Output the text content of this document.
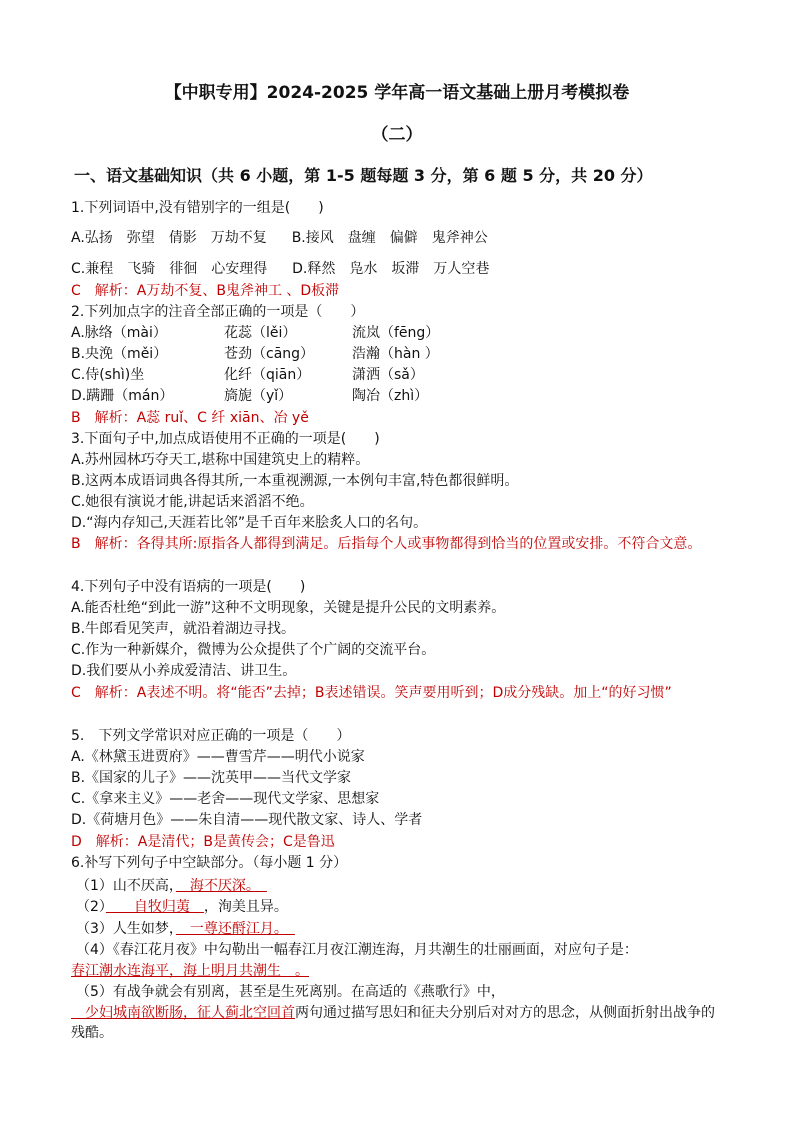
【中职专用】2024-2025 学年高一语文基础上册月考模拟卷
（二）
一、语文基础知识（共 6 小题，第 1-5 题每题 3 分，第 6 题 5 分，共 20 分）
1.下列词语中,没有错别字的一组是(　　)
A.弘扬　弥望　倩影　万劫不复 B.接风　盘缠　偏僻　鬼斧神公
C.兼程　飞骑　徘徊　心安理得 D.释然　凫水　坂滞　万人空巷
C　解析：A万劫不复、B鬼斧神工 、D板滞
2.下列加点字的注音全部正确的一项是（　　）
A.脉络（mài）	花蕊（lěi）	流岚（fēng）
B.央浼（měi）	苍劲（cāng）	浩瀚（hàn ）
C.侍(shì)坐	化纤（qiān）	潇洒（sǎ）
D.蹒跚（mán）	旖旎（yǐ）	陶冶（zhì）
B　解析：A蕊 ruǐ、C 纤 xiān、冶 yě
3.下面句子中,加点成语使用不正确的一项是(　　)
A.苏州园林巧夺天工,堪称中国建筑史上的精粹。
B.这两本成语词典各得其所,一本重视溯源,一本例句丰富,特色都很鲜明。
C.她很有演说才能,讲起话来滔滔不绝。
D.“海内存知己,天涯若比邻”是千百年来脍炙人口的名句。
B　解析：各得其所:原指各人都得到满足。后指每个人或事物都得到恰当的位置或安排。不符合文意。
4.下列句子中没有语病的一项是(　　)
A.能否杜绝“到此一游”这种不文明现象，关键是提升公民的文明素养。
B.牛郎看见笑声，就沿着湖边寻找。
C.作为一种新媒介，微博为公众提供了个广阔的交流平台。
D.我们要从小养成爱清洁、讲卫生。
C　解析：A表述不明。将“能否”去掉；B表述错误。笑声要用听到；D成分残缺。加上“的好习惯”
5.　下列文学常识对应正确的一项是（　　）
A.《林黛玉进贾府》——曹雪芹——明代小说家
B.《国家的儿子》——沈英甲——当代文学家
C.《拿来主义》——老舍——现代文学家、思想家
D.《荷塘月色》——朱自清——现代散文家、诗人、学者
D　解析：A是清代；B是黄传会；C是鲁迅
6.补写下列句子中空缺部分。（每小题 1 分）
（1）山不厌高，　海不厌深。　
（2）　　自牧归荑　，洵美且异。
（3）人生如梦，　一尊还酹江月。　
（4）《春江花月夜》中勾勒出一幅春江月夜江潮连海，月共潮生的壮丽画面，对应句子是：
春江潮水连海平，海上明月共潮生　。
（5）有战争就会有别离，甚至是生死离别。在高适的《燕歌行》中，
　少妇城南欲断肠，征人蓟北空回首两句通过描写思妇和征夫分别后对对方的思念，从侧面折射出战争的残酷。
